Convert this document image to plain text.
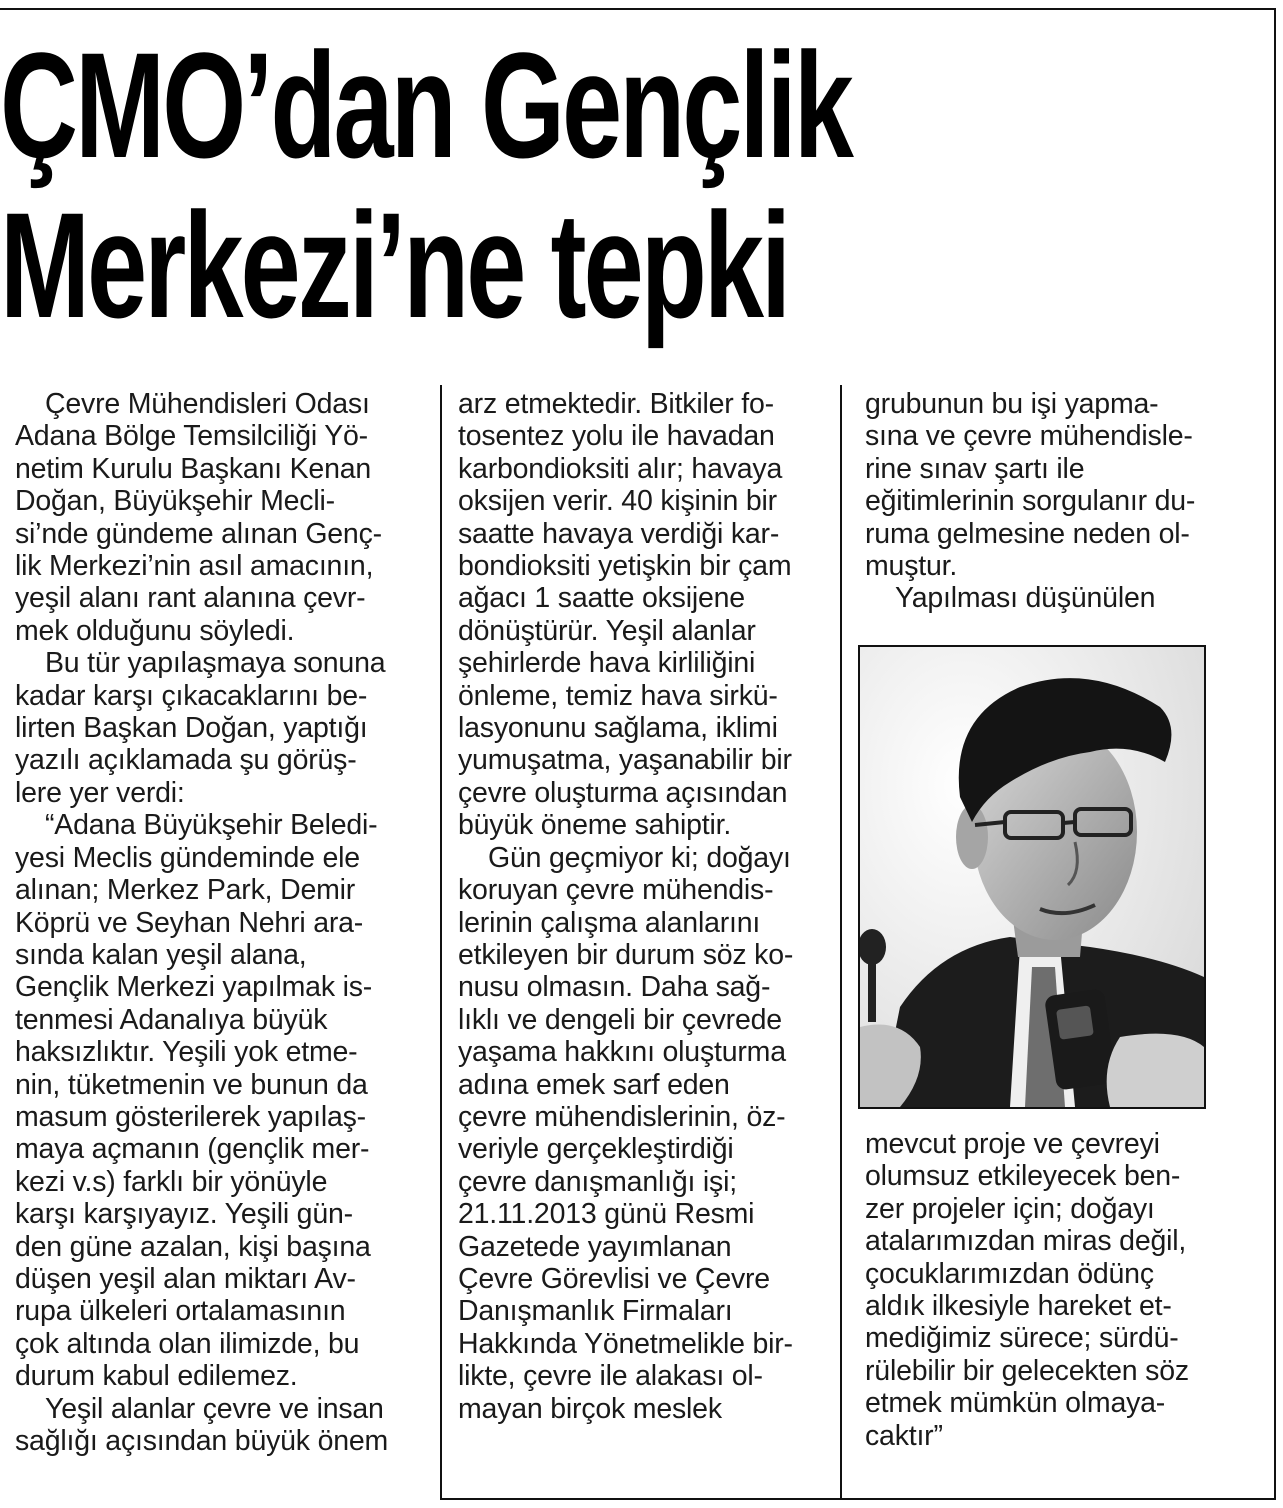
ÇMO’dan Gençlik
Merkezi’ne tepki

Çevre Mühendisleri Odası

Adana Bölge Temsilciliği Yö-

netim Kurulu Başkanı Kenan

Doğan, Büyükşehir Mecli-

si’nde gündeme alınan Genç-

lik Merkezi’nin asıl amacının,

yeşil alanı rant alanına çevr-

mek olduğunu söyledi.

Bu tür yapılaşmaya sonuna

kadar karşı çıkacaklarını be-

lirten Başkan Doğan, yaptığı

yazılı açıklamada şu görüş-

lere yer verdi:

“Adana Büyükşehir Beledi-

yesi Meclis gündeminde ele

alınan; Merkez Park, Demir

Köprü ve Seyhan Nehri ara-

sında kalan yeşil alana,

Gençlik Merkezi yapılmak is-

tenmesi Adanalıya büyük

haksızlıktır. Yeşili yok etme-

nin, tüketmenin ve bunun da

masum gösterilerek yapılaş-

maya açmanın (gençlik mer-

kezi v.s) farklı bir yönüyle

karşı karşıyayız. Yeşili gün-

den güne azalan, kişi başına

düşen yeşil alan miktarı Av-

rupa ülkeleri ortalamasının

çok altında olan ilimizde, bu

durum kabul edilemez.

Yeşil alanlar çevre ve insan

sağlığı açısından büyük önem

arz etmektedir. Bitkiler fo-

tosentez yolu ile havadan

karbondioksiti alır; havaya

oksijen verir. 40 kişinin bir

saatte havaya verdiği kar-

bondioksiti yetişkin bir çam

ağacı 1 saatte oksijene

dönüştürür. Yeşil alanlar

şehirlerde hava kirliliğini

önleme, temiz hava sirkü-

lasyonunu sağlama, iklimi

yumuşatma, yaşanabilir bir

çevre oluşturma açısından

büyük öneme sahiptir.

Gün geçmiyor ki; doğayı

koruyan çevre mühendis-

lerinin çalışma alanlarını

etkileyen bir durum söz ko-

nusu olmasın. Daha sağ-

lıklı ve dengeli bir çevrede

yaşama hakkını oluşturma

adına emek sarf eden

çevre mühendislerinin, öz-

veriyle gerçekleştirdiği

çevre danışmanlığı işi;

21.11.2013 günü Resmi

Gazetede yayımlanan

Çevre Görevlisi ve Çevre

Danışmanlık Firmaları

Hakkında Yönetmelikle bir-

likte, çevre ile alakası ol-

mayan birçok meslek

grubunun bu işi yapma-

sına ve çevre mühendisle-

rine sınav şartı ile

eğitimlerinin sorgulanır du-

ruma gelmesine neden ol-

muştur.

Yapılması düşünülen

mevcut proje ve çevreyi

olumsuz etkileyecek ben-

zer projeler için; doğayı

atalarımızdan miras değil,

çocuklarımızdan ödünç

aldık ilkesiyle hareket et-

mediğimiz sürece; sürdü-

rülebilir bir gelecekten söz

etmek mümkün olmaya-

caktır”
